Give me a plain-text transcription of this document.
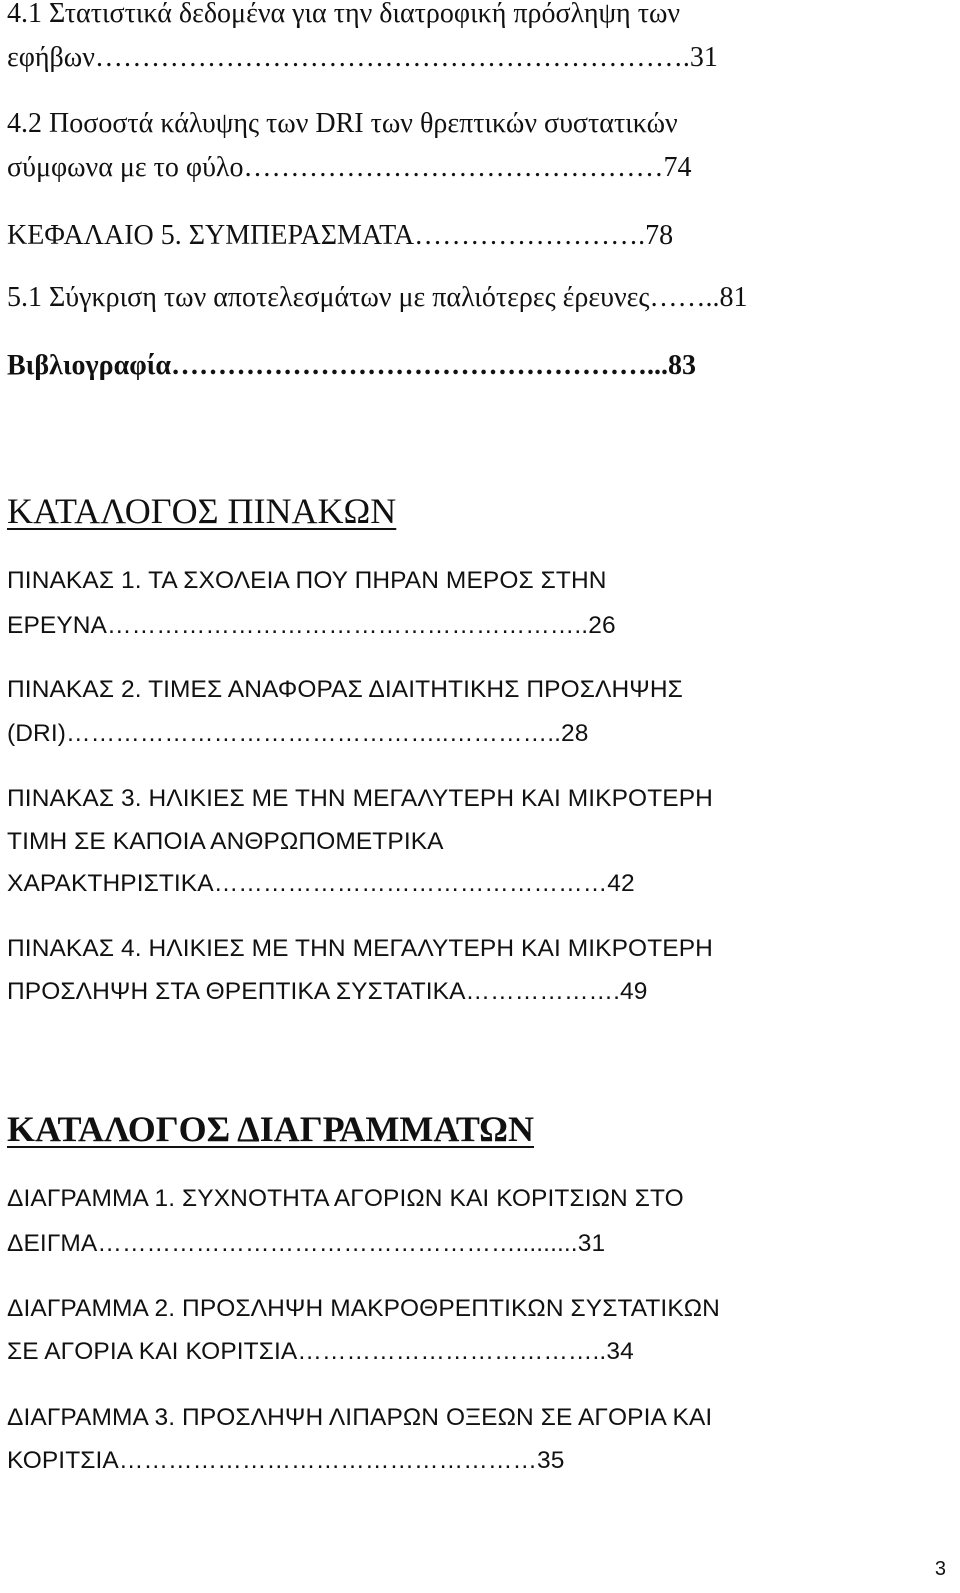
4.1 Στατιστικά δεδομένα για την διατροφική πρόσληψη των
εφήβων……………………………………………………….31
4.2 Ποσοστά κάλυψης των DRI των θρεπτικών συστατικών
σύμφωνα με το φύλο………………………………………74
ΚΕΦΑΛΑΙΟ 5. ΣΥΜΠΕΡΑΣΜΑΤΑ…………………….78
5.1 Σύγκριση των αποτελεσμάτων με παλιότερες έρευνες……..81
Βιβλιογραφία……………………………………………...83
ΚΑΤΑΛΟΓΟΣ ΠΙΝΑΚΩΝ
ΠΙΝΑΚΑΣ 1. ΤΑ ΣΧΟΛΕΙΑ ΠΟΥ ΠΗΡΑΝ ΜΕΡΟΣ ΣΤΗΝ
ΕΡΕΥΝΑ…………………………………………………..26
ΠΙΝΑΚΑΣ 2. ΤΙΜΕΣ ΑΝΑΦΟΡΑΣ ΔΙΑΙΤΗΤΙΚΗΣ ΠΡΟΣΛΗΨΗΣ
(DRI)………………………………………..…………..28
ΠΙΝΑΚΑΣ 3. ΗΛΙΚΙΕΣ ΜΕ ΤΗΝ ΜΕΓΑΛΥΤΕΡΗ ΚΑΙ ΜΙΚΡΟΤΕΡΗ
ΤΙΜΗ ΣΕ ΚΑΠΟΙΑ ΑΝΘΡΩΠΟΜΕΤΡΙΚΑ
ΧΑΡΑΚΤΗΡΙΣΤΙΚΑ…………………………………………42
ΠΙΝΑΚΑΣ 4. ΗΛΙΚΙΕΣ ΜΕ ΤΗΝ ΜΕΓΑΛΥΤΕΡΗ ΚΑΙ ΜΙΚΡΟΤΕΡΗ
ΠΡΟΣΛΗΨΗ ΣΤΑ ΘΡΕΠΤΙΚΑ ΣΥΣΤΑΤΙΚΑ……………….49
ΚΑΤΑΛΟΓΟΣ ΔΙΑΓΡΑΜΜΑΤΩΝ
ΔΙΑΓΡΑΜΜΑ 1. ΣΥΧΝΟΤΗΤΑ ΑΓΟΡΙΩΝ ΚΑΙ ΚΟΡΙΤΣΙΩΝ ΣΤΟ
ΔΕΙΓΜΑ…………………………………………….........31
ΔΙΑΓΡΑΜΜΑ 2. ΠΡΟΣΛΗΨΗ ΜΑΚΡΟΘΡΕΠΤΙΚΩΝ ΣΥΣΤΑΤΙΚΩΝ
ΣΕ ΑΓΟΡΙΑ ΚΑΙ ΚΟΡΙΤΣΙΑ………………………………..34
ΔΙΑΓΡΑΜΜΑ 3. ΠΡΟΣΛΗΨΗ ΛΙΠΑΡΩΝ ΟΞΕΩΝ ΣΕ ΑΓΟΡΙΑ ΚΑΙ
ΚΟΡΙΤΣΙΑ……………………………………………35
3
